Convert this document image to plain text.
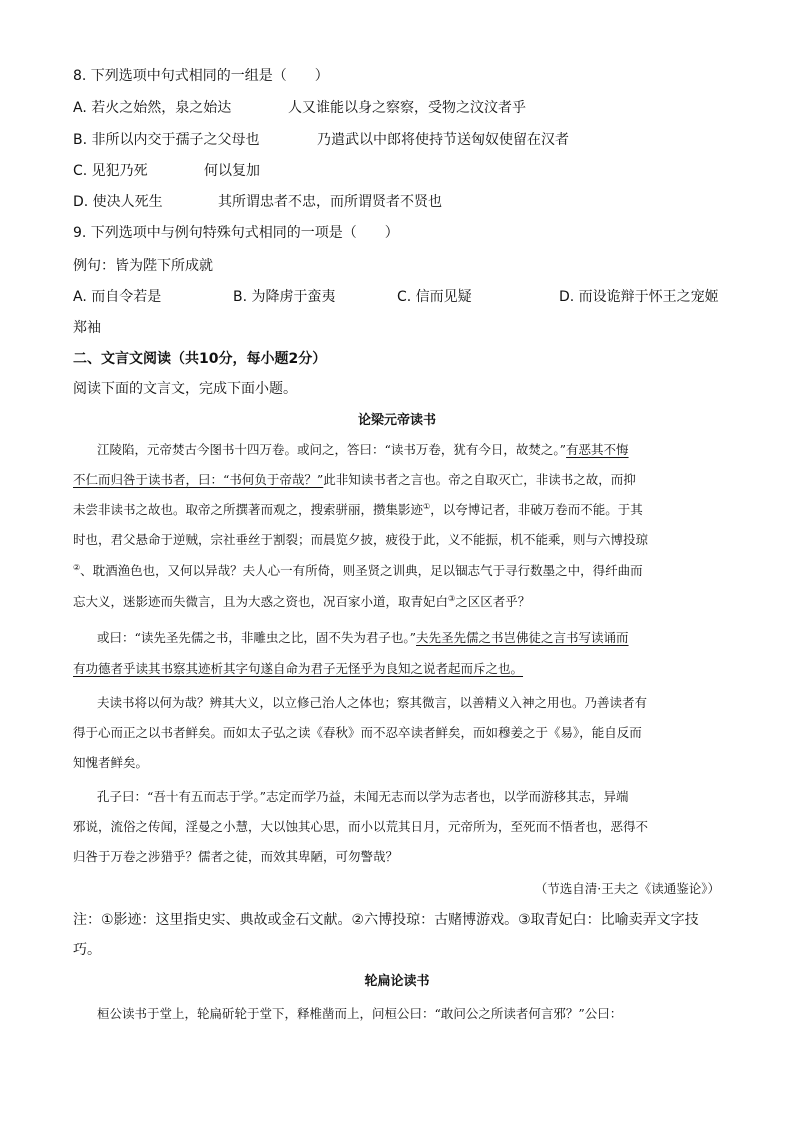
8. 下列选项中句式相同的一组是（　　）
A. 若火之始然，泉之始达	人又谁能以身之察察，受物之汶汶者乎
B. 非所以内交于孺子之父母也	乃遣武以中郎将使持节送匈奴使留在汉者
C. 见犯乃死	何以复加
D. 使决人死生	其所谓忠者不忠，而所谓贤者不贤也
9. 下列选项中与例句特殊句式相同的一项是（　　）
例句：皆为陛下所成就
A. 而自令若是	B. 为降虏于蛮夷	C. 信而见疑	D. 而设诡辩于怀王之宠姬
郑袖
二、文言文阅读（共10分，每小题2分）
阅读下面的文言文，完成下面小题。
论梁元帝读书
江陵陷，元帝焚古今图书十四万卷。或问之，答曰：“读书万卷，犹有今日，故焚之。”有恶其不悔
不仁而归咎于读书者，曰：“书何负于帝哉？”此非知读书者之言也。帝之自取灭亡，非读书之故，而抑
未尝非读书之故也。取帝之所撰著而观之，搜索骈丽，攒集影迹①，以夸博记者，非破万卷而不能。于其
时也，君父悬命于逆贼，宗社垂丝于割裂；而晨览夕披，疲役于此，义不能振，机不能乘，则与六博投琼
②、耽酒渔色也，又何以异哉？夫人心一有所倚，则圣贤之训典，足以锢志气于寻行数墨之中，得纤曲而
忘大义，迷影迹而失微言，且为大惑之资也，况百家小道，取青妃白③之区区者乎？
或曰：“读先圣先儒之书，非雕虫之比，固不失为君子也。”夫先圣先儒之书岂佛徒之言书写读诵而
有功德者乎读其书察其迹析其字句遂自命为君子无怪乎为良知之说者起而斥之也。
夫读书将以何为哉？辨其大义，以立修己治人之体也；察其微言，以善精义入神之用也。乃善读者有
得于心而正之以书者鲜矣。而如太子弘之读《春秋》而不忍卒读者鲜矣，而如穆姜之于《易》，能自反而
知愧者鲜矣。
孔子曰：“吾十有五而志于学。”志定而学乃益，未闻无志而以学为志者也，以学而游移其志，异端
邪说，流俗之传闻，淫曼之小慧，大以蚀其心思，而小以荒其日月，元帝所为，至死而不悟者也，恶得不
归咎于万卷之涉猎乎？儒者之徒，而效其卑陋，可勿警哉？
（节选自清·王夫之《读通鉴论》）
注：①影迹：这里指史实、典故或金石文献。②六博投琼：古赌博游戏。③取青妃白：比喻卖弄文字技
巧。
轮扁论读书
桓公读书于堂上，轮扁斫轮于堂下，释椎凿而上，问桓公曰：“敢问公之所读者何言邪？”公曰：
